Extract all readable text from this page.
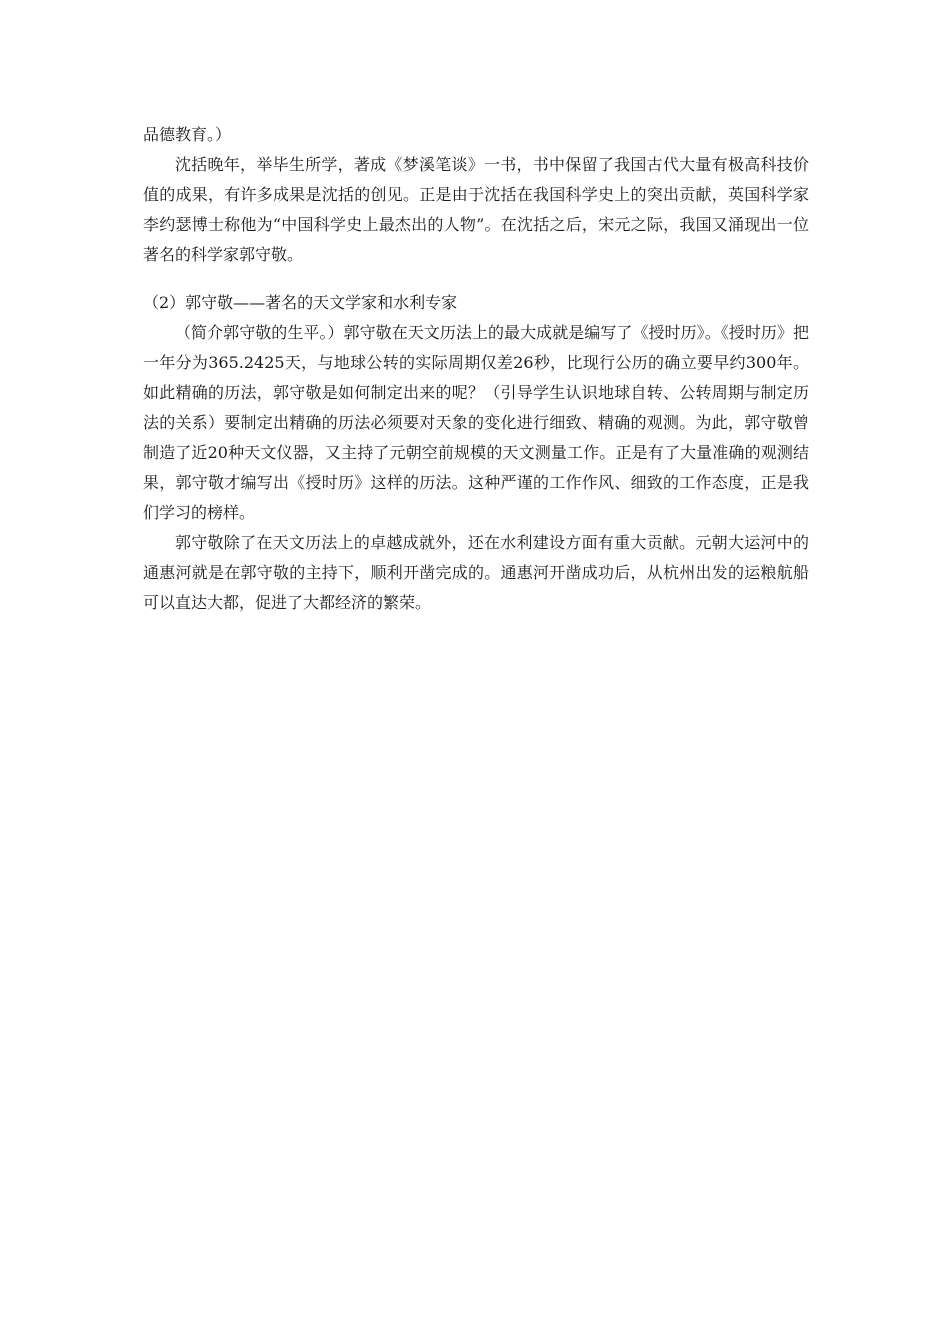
品德教育。）

沈括晚年，举毕生所学，著成《梦溪笔谈》一书，书中保留了我国古代大量有极高科技价值的成果，有许多成果是沈括的创见。正是由于沈括在我国科学史上的突出贡献，英国科学家李约瑟博士称他为“中国科学史上最杰出的人物”。在沈括之后，宋元之际，我国又涌现出一位著名的科学家郭守敬。

（2）郭守敬——著名的天文学家和水利专家

（简介郭守敬的生平。）郭守敬在天文历法上的最大成就是编写了《授时历》。《授时历》把一年分为365.2425天，与地球公转的实际周期仅差26秒，比现行公历的确立要早约300年。如此精确的历法，郭守敬是如何制定出来的呢？（引导学生认识地球自转、公转周期与制定历法的关系）要制定出精确的历法必须要对天象的变化进行细致、精确的观测。为此，郭守敬曾制造了近20种天文仪器，又主持了元朝空前规模的天文测量工作。正是有了大量准确的观测结果，郭守敬才编写出《授时历》这样的历法。这种严谨的工作作风、细致的工作态度，正是我们学习的榜样。

郭守敬除了在天文历法上的卓越成就外，还在水利建设方面有重大贡献。元朝大运河中的通惠河就是在郭守敬的主持下，顺利开凿完成的。通惠河开凿成功后，从杭州出发的运粮航船可以直达大都，促进了大都经济的繁荣。
